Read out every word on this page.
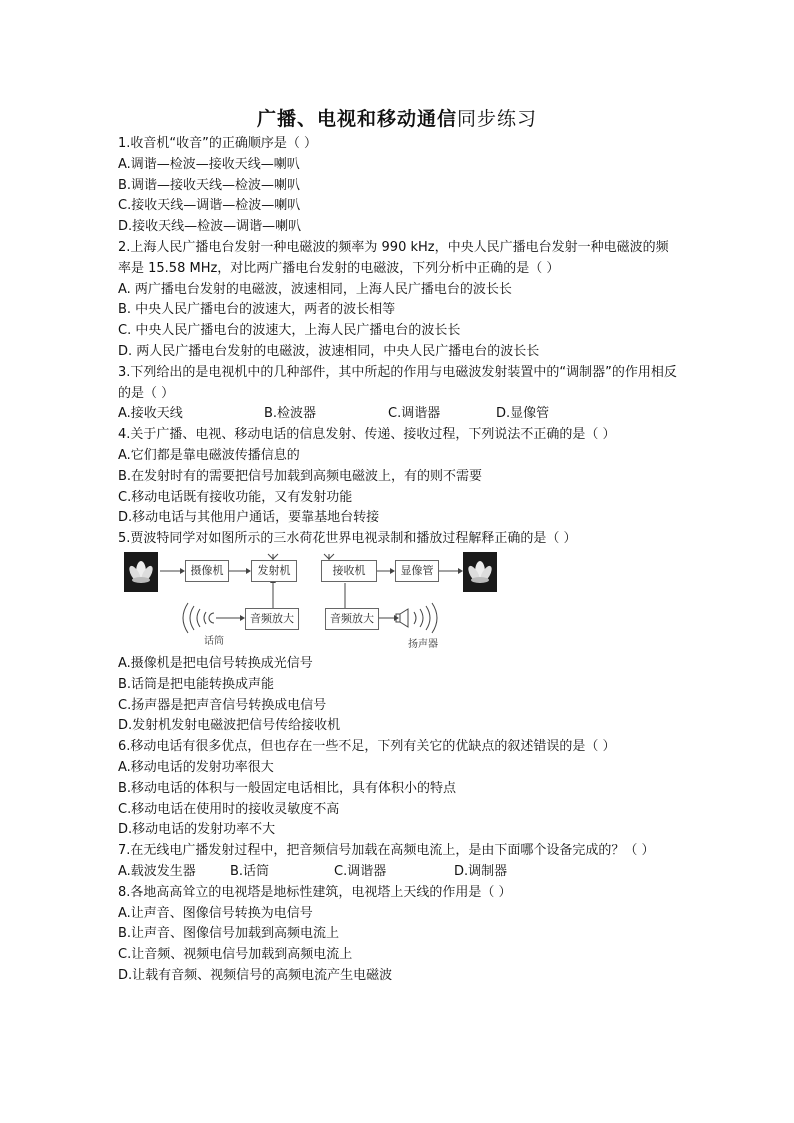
广播、电视和移动通信同步练习
1.收音机“收音”的正确顺序是（ ）
A.调谐—检波—接收天线—喇叭
B.调谐—接收天线—检波—喇叭
C.接收天线—调谐—检波—喇叭
D.接收天线—检波—调谐—喇叭
2.上海人民广播电台发射一种电磁波的频率为 990 kHz，中央人民广播电台发射一种电磁波的频率是 15.58 MHz，对比两广播电台发射的电磁波，下列分析中正确的是（ ）
A. 两广播电台发射的电磁波，波速相同，上海人民广播电台的波长长
B. 中央人民广播电台的波速大，两者的波长相等
C. 中央人民广播电台的波速大，上海人民广播电台的波长长
D. 两人民广播电台发射的电磁波，波速相同，中央人民广播电台的波长长
3.下列给出的是电视机中的几种部件，其中所起的作用与电磁波发射装置中的“调制器”的作用相反的是（ ）
A.接收天线	B.检波器	C.调谐器	D.显像管
4.关于广播、电视、移动电话的信息发射、传递、接收过程，下列说法不正确的是（ ）
A.它们都是靠电磁波传播信息的
B.在发射时有的需要把信号加载到高频电磁波上，有的则不需要
C.移动电话既有接收功能，又有发射功能
D.移动电话与其他用户通话，要靠基地台转接
5.贾波特同学对如图所示的三水荷花世界电视录制和播放过程解释正确的是（ ）
摄像机	发射机	接收机	显像管
音频放大	音频放大
话筒	扬声器
A.摄像机是把电信号转换成光信号
B.话筒是把电能转换成声能
C.扬声器是把声音信号转换成电信号
D.发射机发射电磁波把信号传给接收机
6.移动电话有很多优点，但也存在一些不足，下列有关它的优缺点的叙述错误的是（ ）
A.移动电话的发射功率很大
B.移动电话的体积与一般固定电话相比，具有体积小的特点
C.移动电话在使用时的接收灵敏度不高
D.移动电话的发射功率不大
7.在无线电广播发射过程中，把音频信号加载在高频电流上，是由下面哪个设备完成的？（ ）
A.载波发生器	B.话筒	C.调谐器	D.调制器
8.各地高高耸立的电视塔是地标性建筑，电视塔上天线的作用是（ ）
A.让声音、图像信号转换为电信号
B.让声音、图像信号加载到高频电流上
C.让音频、视频电信号加载到高频电流上
D.让载有音频、视频信号的高频电流产生电磁波
